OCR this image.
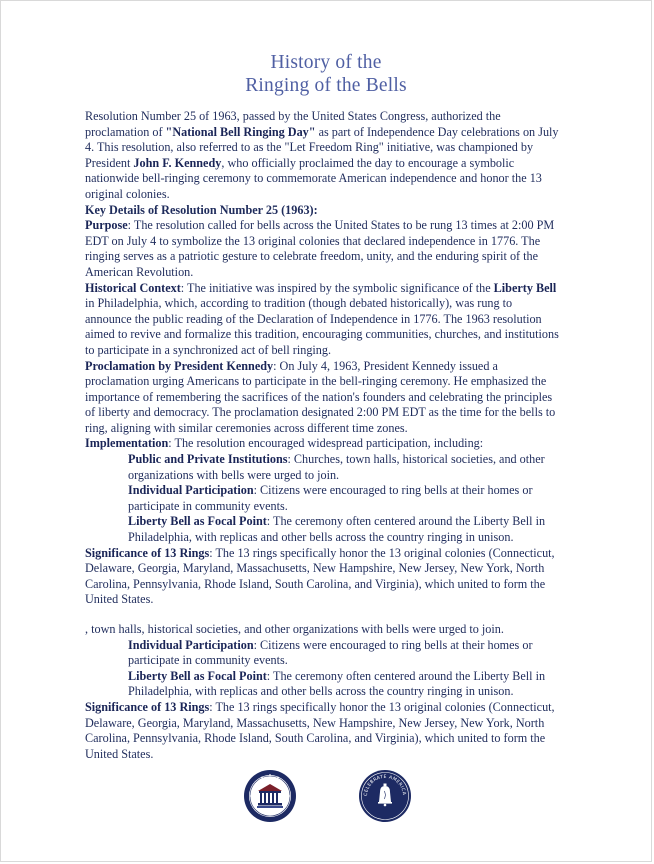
History of the
Ringing of the Bells

Resolution Number 25 of 1963, passed by the United States Congress, authorized the proclamation of "National Bell Ringing Day" as part of Independence Day celebrations on July 4. This resolution, also referred to as the "Let Freedom Ring" initiative, was championed by President John F. Kennedy, who officially proclaimed the day to encourage a symbolic nationwide bell-ringing ceremony to commemorate American independence and honor the 13 original colonies.

Key Details of Resolution Number 25 (1963):

Purpose: The resolution called for bells across the United States to be rung 13 times at 2:00 PM EDT on July 4 to symbolize the 13 original colonies that declared independence in 1776. The ringing serves as a patriotic gesture to celebrate freedom, unity, and the enduring spirit of the American Revolution.

Historical Context: The initiative was inspired by the symbolic significance of the Liberty Bell in Philadelphia, which, according to tradition (though debated historically), was rung to announce the public reading of the Declaration of Independence in 1776. The 1963 resolution aimed to revive and formalize this tradition, encouraging communities, churches, and institutions to participate in a synchronized act of bell ringing.

Proclamation by President Kennedy: On July 4, 1963, President Kennedy issued a proclamation urging Americans to participate in the bell-ringing ceremony. He emphasized the importance of remembering the sacrifices of the nation's founders and celebrating the principles of liberty and democracy. The proclamation designated 2:00 PM EDT as the time for the bells to ring, aligning with similar ceremonies across different time zones.

Implementation: The resolution encouraged widespread participation, including:

Public and Private Institutions: Churches, town halls, historical societies, and other organizations with bells were urged to join.

Individual Participation: Citizens were encouraged to ring bells at their homes or participate in community events.

Liberty Bell as Focal Point: The ceremony often centered around the Liberty Bell in Philadelphia, with replicas and other bells across the country ringing in unison.

Significance of 13 Rings: The 13 rings specifically honor the 13 original colonies (Connecticut, Delaware, Georgia, Maryland, Massachusetts, New Hampshire, New Jersey, New York, North Carolina, Pennsylvania, Rhode Island, South Carolina, and Virginia), which united to form the United States.

, town halls, historical societies, and other organizations with bells were urged to join.

Individual Participation: Citizens were encouraged to ring bells at their homes or participate in community events.

Liberty Bell as Focal Point: The ceremony often centered around the Liberty Bell in Philadelphia, with replicas and other bells across the country ringing in unison.

Significance of 13 Rings: The 13 rings specifically honor the 13 original colonies (Connecticut, Delaware, Georgia, Maryland, Massachusetts, New Hampshire, New Jersey, New York, North Carolina, Pennsylvania, Rhode Island, South Carolina, and Virginia), which united to form the United States.

CELEBRATE AMERICA
